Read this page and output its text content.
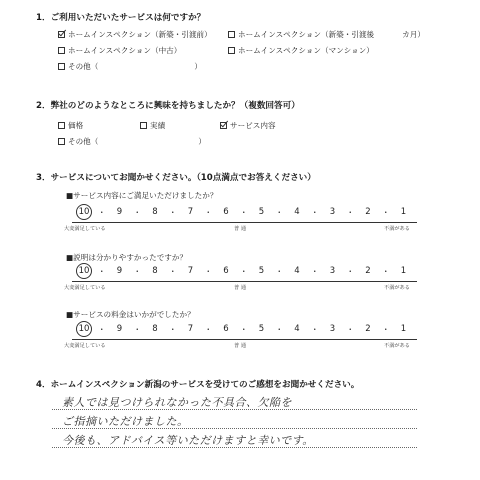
1．ご利用いただいたサービスは何ですか？
ホームインスペクション（新築・引渡前）	ホームインスペクション（新築・引渡後	カ月）
ホームインスペクション（中古）	ホームインスペクション（マンション）
その他（	）
2．弊社のどのようなところに興味を持ちましたか？（複数回答可）
価格	実績	サービス内容
その他（	）
3．サービスについてお聞かせください。（10点満点でお答えください）
■サービス内容にご満足いただけましたか？
10 ・ 9 ・ 8 ・ 7 ・ 6 ・ 5 ・ 4 ・ 3 ・ 2 ・ 1
大変満足している	普 通	不満がある
■説明は分かりやすかったですか？
10 ・ 9 ・ 8 ・ 7 ・ 6 ・ 5 ・ 4 ・ 3 ・ 2 ・ 1
大変満足している	普 通	不満がある
■サービスの料金はいかがでしたか？
10 ・ 9 ・ 8 ・ 7 ・ 6 ・ 5 ・ 4 ・ 3 ・ 2 ・ 1
大変満足している	普 通	不満がある
4．ホームインスペクション新潟のサービスを受けてのご感想をお聞かせください。
素人では見つけられなかった不具合、欠陥を
ご指摘いただけました。
今後も、アドバイス等いただけますと幸いです。
